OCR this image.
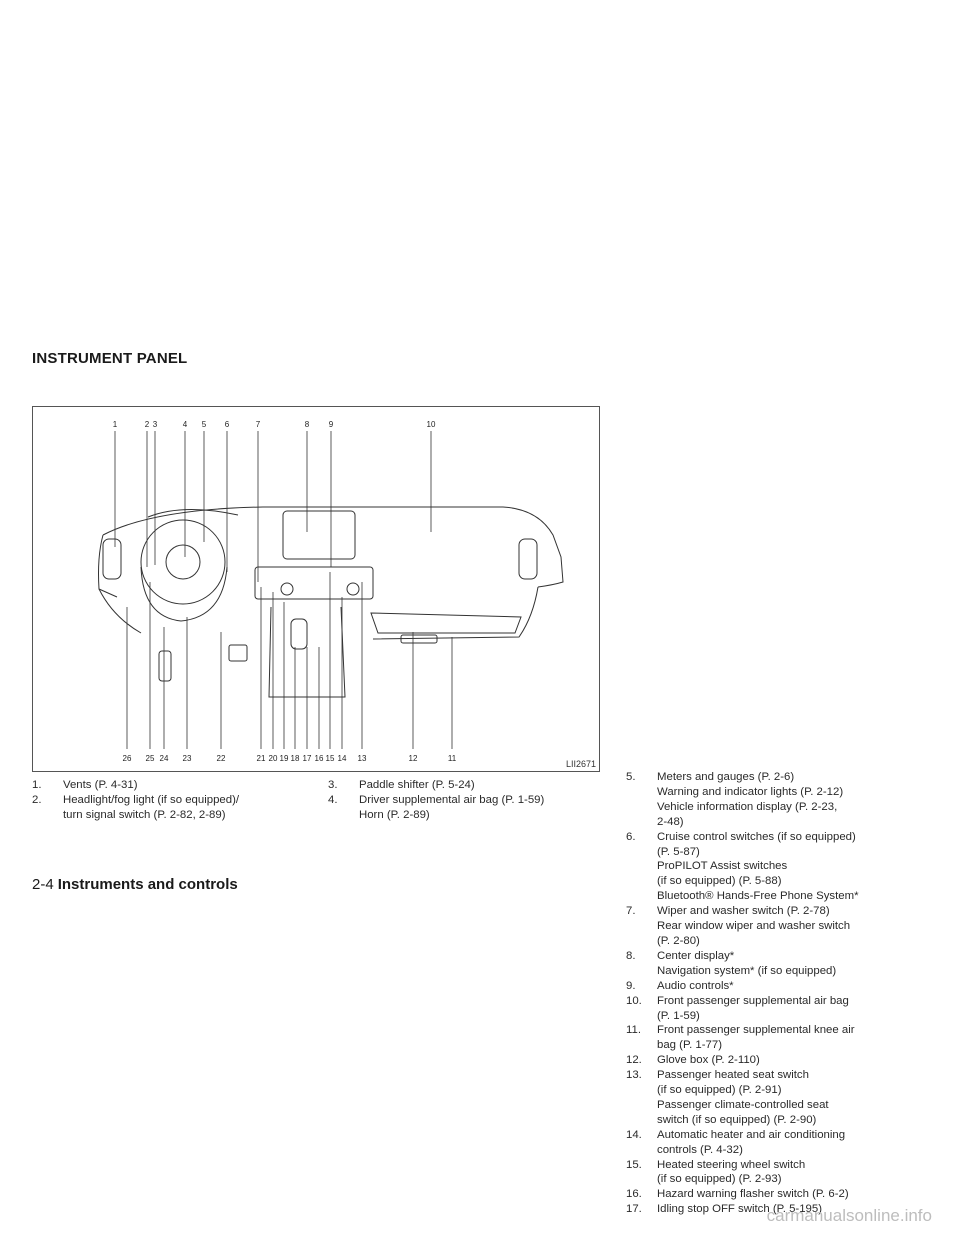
INSTRUMENT PANEL
1	2 3	4 5 6	7	8 9	10
26 25 24 23	22	21 20 19 18 17 16 15 14 13	12	11
LII2671
1. Vents (P. 4-31)
2. Headlight/fog light (if so equipped)/
turn signal switch (P. 2-82, 2-89)
3. Paddle shifter (P. 5-24)
4. Driver supplemental air bag (P. 1-59)
Horn (P. 2-89)
5. Meters and gauges (P. 2-6)
Warning and indicator lights (P. 2-12)
Vehicle information display (P. 2-23,
2-48)
6. Cruise control switches (if so equipped)
(P. 5-87)
ProPILOT Assist switches
(if so equipped) (P. 5-88)
Bluetooth® Hands-Free Phone System*
7. Wiper and washer switch (P. 2-78)
Rear window wiper and washer switch
(P. 2-80)
8. Center display*
Navigation system* (if so equipped)
9. Audio controls*
10. Front passenger supplemental air bag
(P. 1-59)
11. Front passenger supplemental knee air
bag (P. 1-77)
12. Glove box (P. 2-110)
13. Passenger heated seat switch
(if so equipped) (P. 2-91)
Passenger climate-controlled seat
switch (if so equipped) (P. 2-90)
14. Automatic heater and air conditioning
controls (P. 4-32)
15. Heated steering wheel switch
(if so equipped) (P. 2-93)
16. Hazard warning flasher switch (P. 6-2)
17. Idling stop OFF switch (P. 5-195)
2-4 Instruments and controls
carmanualsonline.info
